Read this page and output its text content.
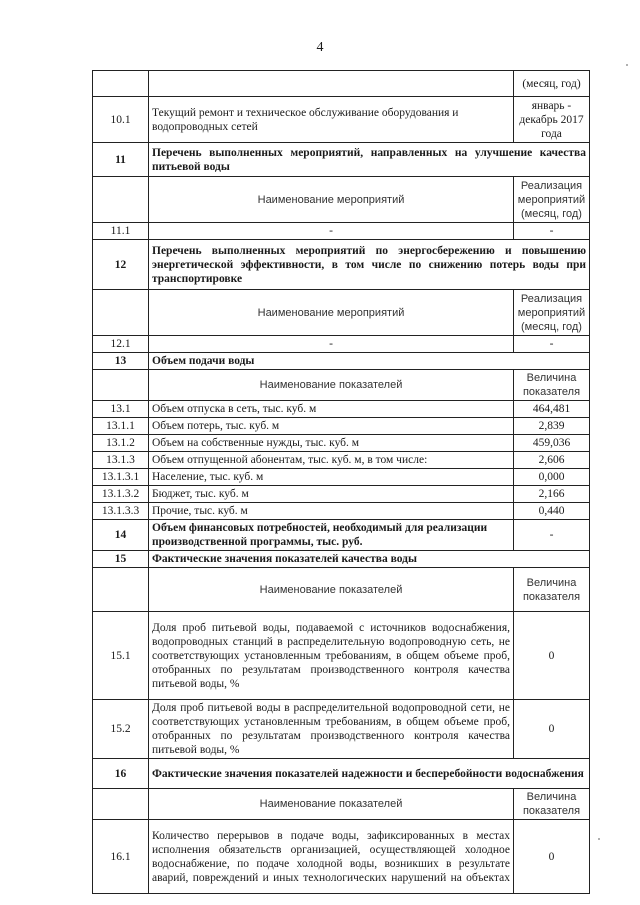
4
		(месяц, год)
10.1	Текущий ремонт и техническое обслуживание оборудования и водопроводных сетей	январь - декабрь 2017 года
11	Перечень выполненных мероприятий, направленных на улучшение качества питьевой воды	
	Наименование мероприятий	Реализация мероприятий (месяц, год)
11.1	-	-
12	Перечень выполненных мероприятий по энергосбережению и повышению энергетической эффективности, в том числе по снижению потерь воды при транспортировке	
	Наименование мероприятий	Реализация мероприятий (месяц, год)
12.1	-	-
13	Объем подачи воды	
	Наименование показателей	Величина показателя
13.1	Объем отпуска в сеть, тыс. куб. м	464,481
13.1.1	Объем потерь, тыс. куб. м	2,839
13.1.2	Объем на собственные нужды, тыс. куб. м	459,036
13.1.3	Объем отпущенной абонентам, тыс. куб. м, в том числе:	2,606
13.1.3.1	Население, тыс. куб. м	0,000
13.1.3.2	Бюджет, тыс. куб. м	2,166
13.1.3.3	Прочие, тыс. куб. м	0,440
14	Объем финансовых потребностей, необходимый для реализации производственной программы, тыс. руб.	-
15	Фактические значения показателей качества воды	
	Наименование показателей	Величина показателя
15.1	Доля проб питьевой воды, подаваемой с источников водоснабжения, водопроводных станций в распределительную водопроводную сеть, не соответствующих установленным требованиям, в общем объеме проб, отобранных по результатам производственного контроля качества питьевой воды, %	0
15.2	Доля проб питьевой воды в распределительной водопроводной сети, не соответствующих установленным требованиям, в общем объеме проб, отобранных по результатам производственного контроля качества питьевой воды, %	0
16	Фактические значения показателей надежности и бесперебойности водоснабжения	
	Наименование показателей	Величина показателя
16.1	Количество перерывов в подаче воды, зафиксированных в местах исполнения обязательств организацией, осуществляющей холодное водоснабжение, по подаче холодной воды, возникших в результате аварий, повреждений и иных технологических нарушений на объектах	0
